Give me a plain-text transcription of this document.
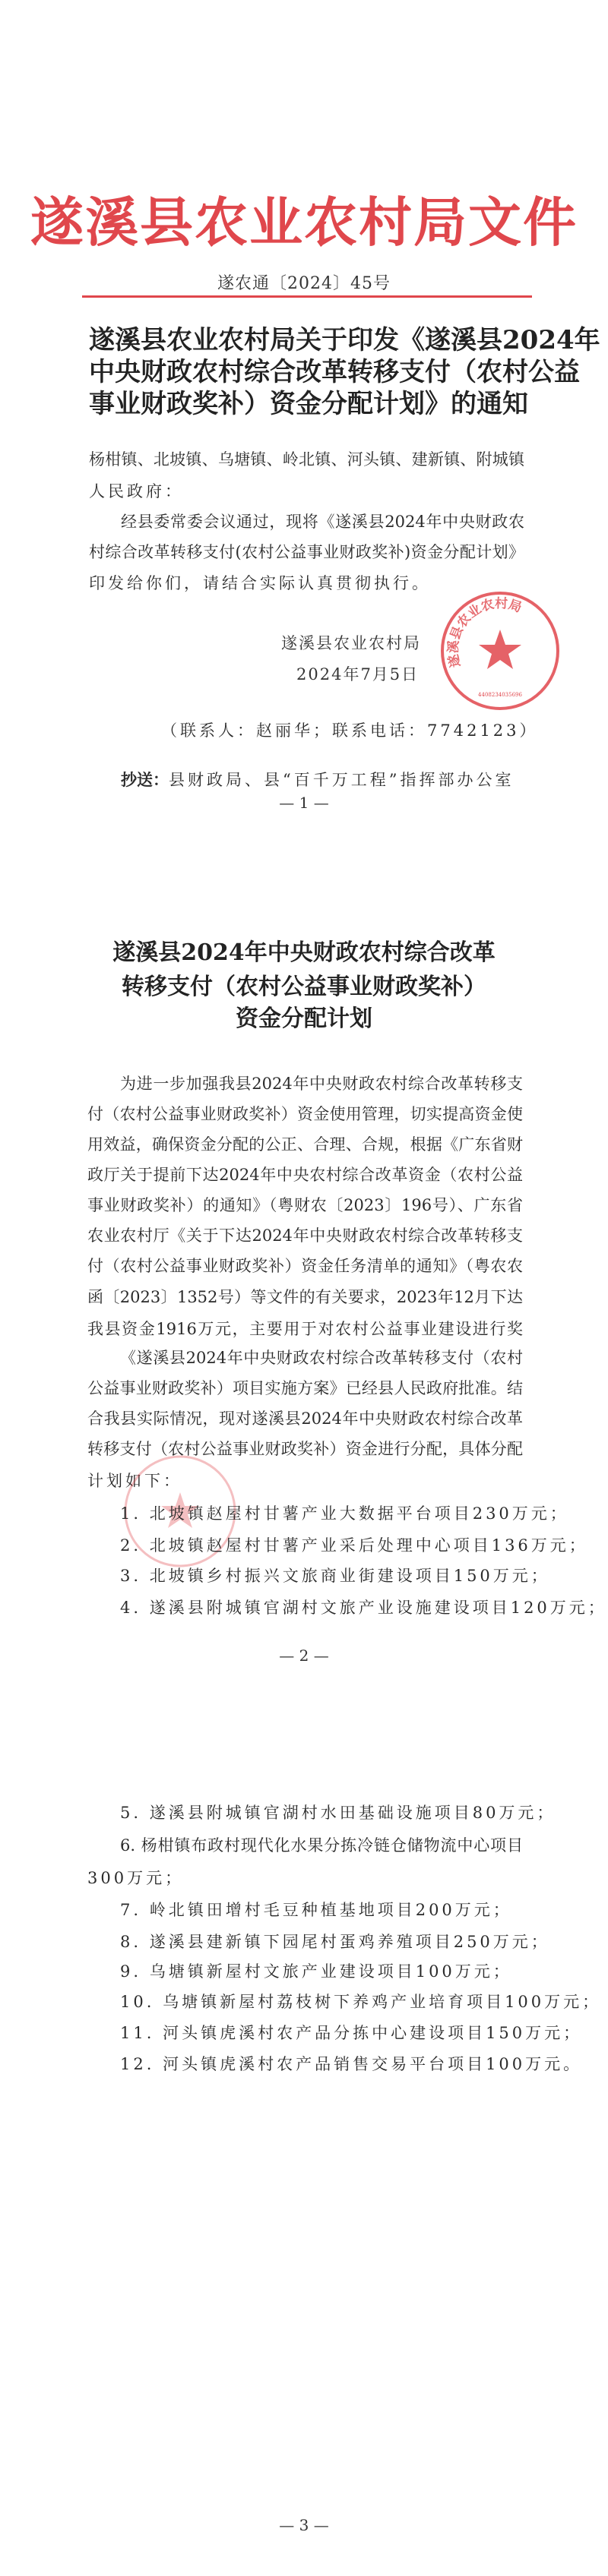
遂溪县农业农村局文件
遂农通〔2024〕45号
遂溪县农业农村局关于印发《遂溪县2024年
中央财政农村综合改革转移支付（农村公益
事业财政奖补）资金分配计划》的通知
杨柑镇、北坡镇、乌塘镇、岭北镇、河头镇、建新镇、附城镇
人民政府：
经县委常委会议通过，现将《遂溪县2024年中央财政农
村综合改革转移支付(农村公益事业财政奖补)资金分配计划》
印发给你们，请结合实际认真贯彻执行。
遂溪县农业农村局
4408234035696
遂溪县农业农村局
2024年7月5日
（联系人：赵丽华；联系电话：7742123）
抄送：县财政局、县“百千万工程”指挥部办公室
— 1 —
遂溪县2024年中央财政农村综合改革
转移支付（农村公益事业财政奖补）
资金分配计划
为进一步加强我县2024年中央财政农村综合改革转移支
付（农村公益事业财政奖补）资金使用管理，切实提高资金使
用效益，确保资金分配的公正、合理、合规，根据《广东省财
政厅关于提前下达2024年中央农村综合改革资金（农村公益
事业财政奖补）的通知》（粤财农〔2023〕196号）、广东省
农业农村厅《关于下达2024年中央财政农村综合改革转移支
付（农村公益事业财政奖补）资金任务清单的通知》（粤农农
函〔2023〕1352号）等文件的有关要求，2023年12月下达
我县资金1916万元，主要用于对农村公益事业建设进行奖
《遂溪县2024年中央财政农村综合改革转移支付（农村
公益事业财政奖补）项目实施方案》已经县人民政府批准。结
合我县实际情况，现对遂溪县2024年中央财政农村综合改革
转移支付（农村公益事业财政奖补）资金进行分配，具体分配
计划如下：
1. 北坡镇赵屋村甘薯产业大数据平台项目230万元；
2. 北坡镇赵屋村甘薯产业采后处理中心项目136万元；
3. 北坡镇乡村振兴文旅商业街建设项目150万元；
4. 遂溪县附城镇官湖村文旅产业设施建设项目120万元；
— 2 —
5. 遂溪县附城镇官湖村水田基础设施项目80万元；
6. 杨柑镇布政村现代化水果分拣冷链仓储物流中心项目
300万元；
7. 岭北镇田增村毛豆种植基地项目200万元；
8. 遂溪县建新镇下园尾村蛋鸡养殖项目250万元；
9. 乌塘镇新屋村文旅产业建设项目100万元；
10. 乌塘镇新屋村荔枝树下养鸡产业培育项目100万元；
11. 河头镇虎溪村农产品分拣中心建设项目150万元；
12. 河头镇虎溪村农产品销售交易平台项目100万元。
— 3 —
